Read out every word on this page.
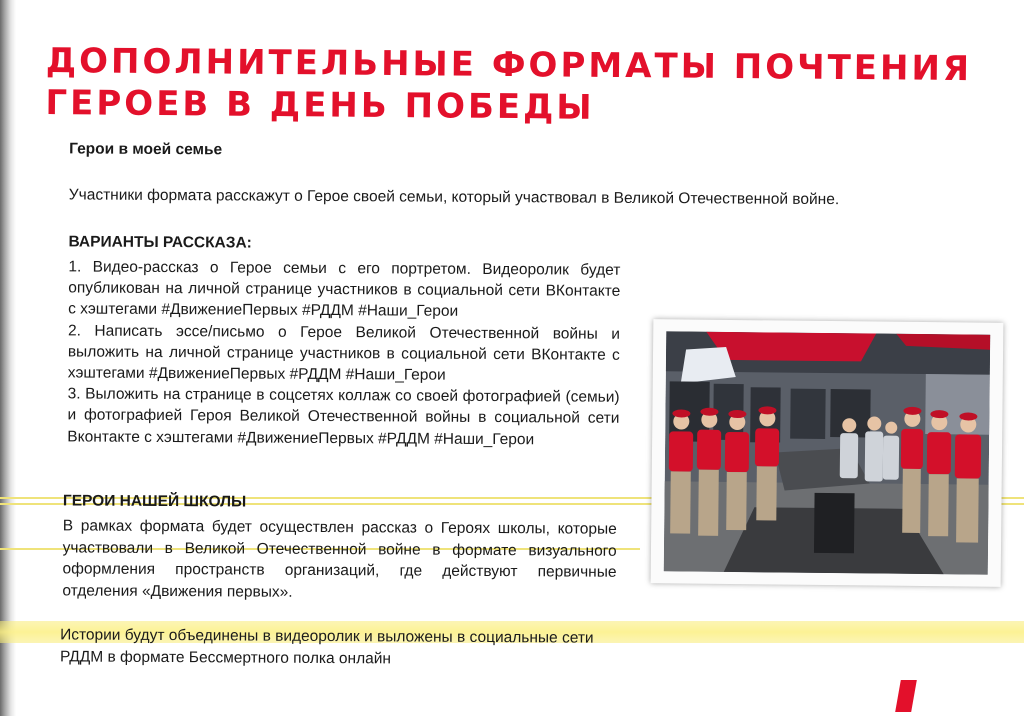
ДОПОЛНИТЕЛЬНЫЕ ФОРМАТЫ ПОЧТЕНИЯ ГЕРОЕВ В ДЕНЬ ПОБЕДЫ
Герои в моей семье

Участники формата расскажут о Герое своей семьи, который участвовал в Великой Отечественной войне.

ВАРИАНТЫ РАССКАЗА:

1. Видео-рассказ о Герое семьи с его портретом. Видеоролик будет опубликован на личной странице участников в социальной сети ВКонтакте с хэштегами #ДвижениеПервых #РДДМ #Наши_Герои

2. Написать эссе/письмо о Герое Великой Отечественной войны и выложить на личной странице участников в социальной сети ВКонтакте с хэштегами #ДвижениеПервых #РДДМ #Наши_Герои

3. Выложить на странице в соцсетях коллаж со своей фотографией (семьи) и фотографией Героя Великой Отечественной войны в социальной сети Вконтакте с хэштегами #ДвижениеПервых #РДДМ #Наши_Герои

ГЕРОИ НАШЕЙ ШКОЛЫ

В рамках формата будет осуществлен рассказ о Героях школы, которые участвовали в Великой Отечественной войне в формате визуального оформления пространств организаций, где действуют первичные отделения «Движения первых».

Истории будут объединены в видеоролик и выложены в социальные сети РДДМ в формате Бессмертного полка онлайн
